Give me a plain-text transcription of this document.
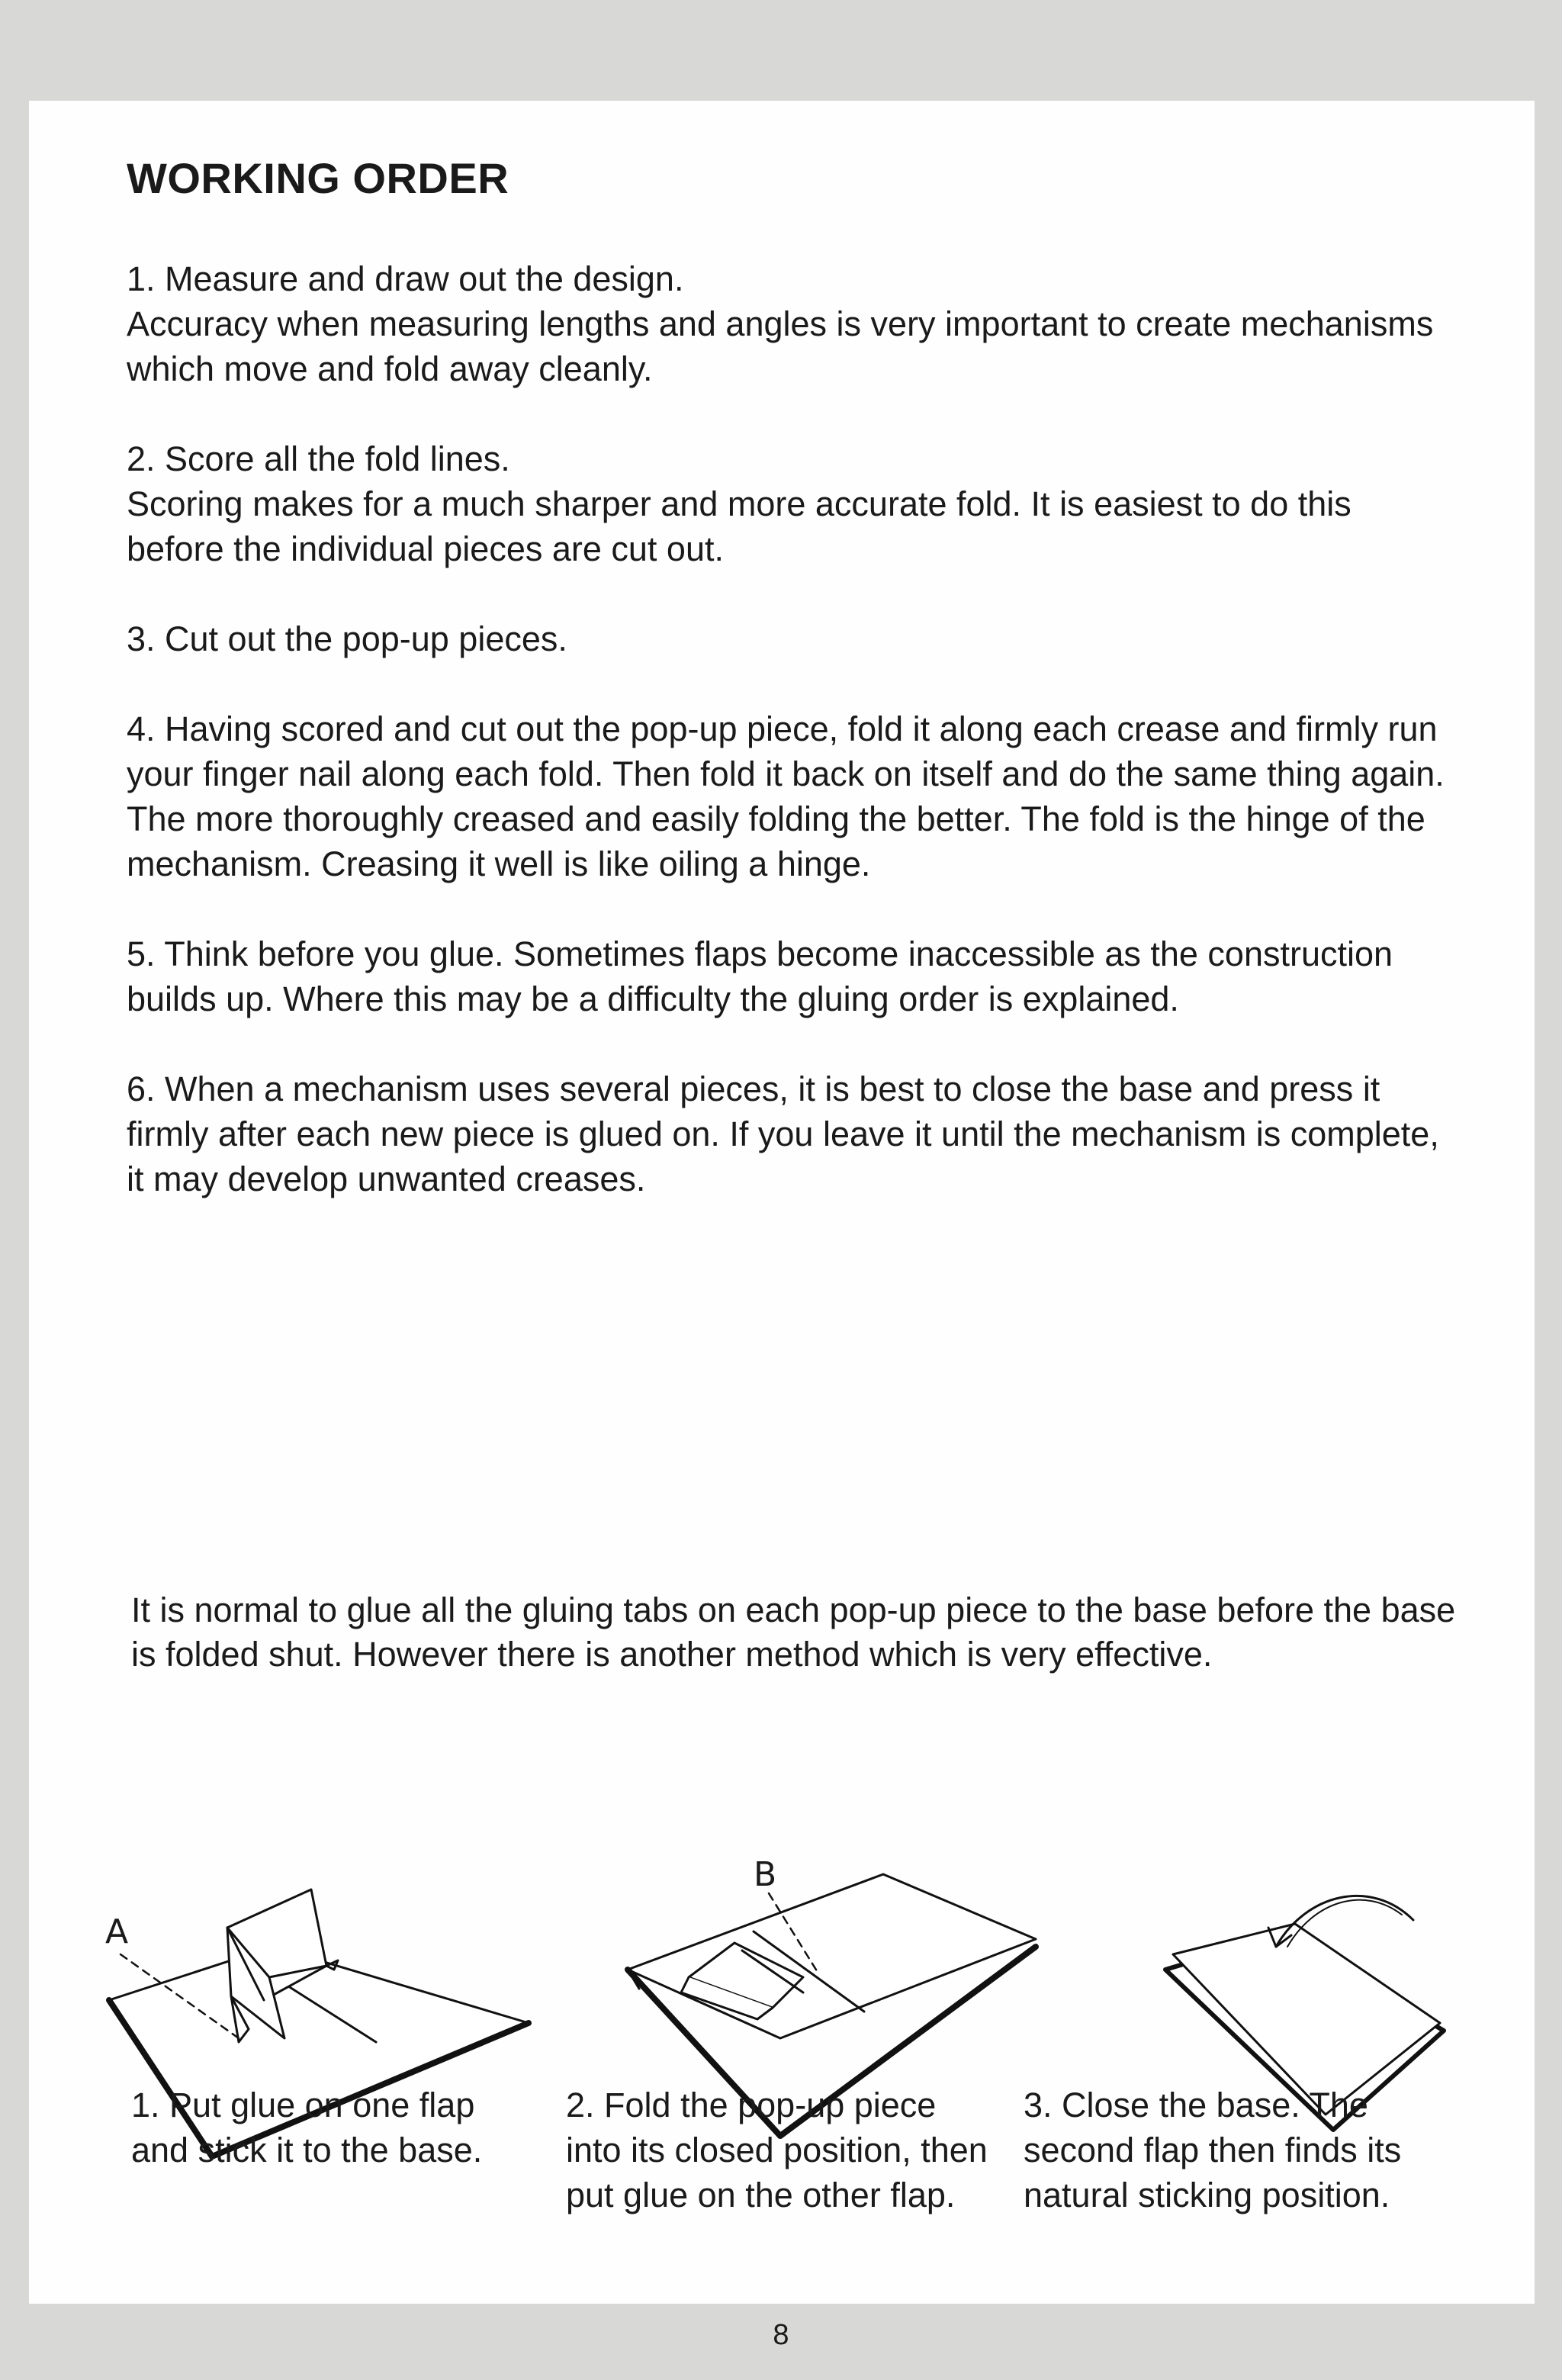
WORKING ORDER

1. Measure and draw out the design.

Accuracy when measuring lengths and angles is very important to create mechanisms which move and fold away cleanly.

2. Score all the fold lines.

Scoring makes for a much sharper and more accurate fold. It is easiest to do this before the individual pieces are cut out.

3. Cut out the pop-up pieces.

4. Having scored and cut out the pop-up piece, fold it along each crease and firmly run your finger nail along each fold. Then fold it back on itself and do the same thing again. The more thoroughly creased and easily folding the better. The fold is the hinge of the mechanism. Creasing it well is like oiling a hinge.

5. Think before you glue. Sometimes flaps become inaccessible as the construction builds up. Where this may be a difficulty the gluing order is explained.

6. When a mechanism uses several pieces, it is best to close the base and press it firmly after each new piece is glued on. If you leave it until the mechanism is complete, it may develop unwanted creases.

It is normal to glue all the gluing tabs on each pop-up piece to the base before the base is folded shut. However there is another method which is very effective.

A
B

1. Put glue on one flap and stick it to the base.

2. Fold the pop-up piece into its closed position, then put glue on the other flap.

3. Close the base. The second flap then finds its natural sticking position.

8
